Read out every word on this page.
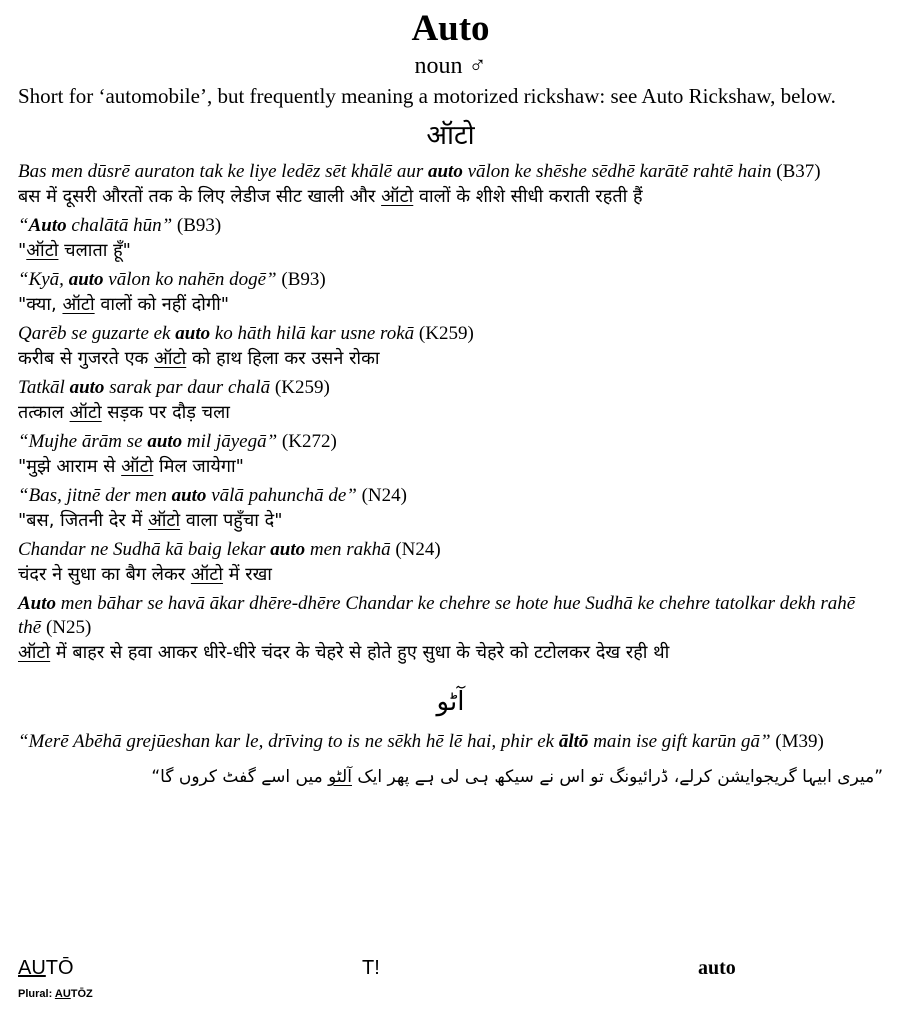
Auto

noun ♂

Short for ‘automobile’, but frequently meaning a motorized rickshaw: see Auto Rickshaw, below.

ऑटो

Bas men dūsrē auraton tak ke liye ledēz sēt khālē aur auto vālon ke shēshe sēdhē karātē rahtē hain (B37)

बस में दूसरी औरतों तक के लिए लेडीज सीट खाली और ऑटो वालों के शीशे सीधी कराती रहती हैं

“Auto chalātā hūn” (B93)

"ऑटो चलाता हूँ"

“Kyā, auto vālon ko nahēn dogē” (B93)

"क्या, ऑटो वालों को नहीं दोगी"

Qarēb se guzarte ek auto ko hāth hilā kar usne rokā (K259)

करीब से गुजरते एक ऑटो को हाथ हिला कर उसने रोका

Tatkāl auto sarak par daur chalā (K259)

तत्काल ऑटो सड़क पर दौड़ चला

“Mujhe ārām se auto mil jāyegā” (K272)

"मुझे आराम से ऑटो मिल जायेगा"

“Bas, jitnē der men auto vālā pahunchā de” (N24)

"बस, जितनी देर में ऑटो वाला पहुँचा दे"

Chandar ne Sudhā kā baig lekar auto men rakhā (N24)

चंदर ने सुधा का बैग लेकर ऑटो में रखा

Auto men bāhar se havā ākar dhēre-dhēre Chandar ke chehre se hote hue Sudhā ke chehre tatolkar dekh rahē thē (N25)

ऑटो में बाहर से हवा आकर धीरे-धीरे चंदर के चेहरे से होते हुए सुधा के चेहरे को टटोलकर देख रही थी

آٹو

“Merē Abēhā grejūeshan kar le, drīving to is ne sēkh hē lē hai, phir ek āltō main ise gift karūn gā” (M39)

”میری ابیہا گریجوایشن کرلے، ڈرائیونگ تو اس نے سیکھ ہی لی ہے پھر ایک آلٹو میں اسے گفٹ کروں گا“

AUTŌ	T!	auto
Plural: AUTŌZ
